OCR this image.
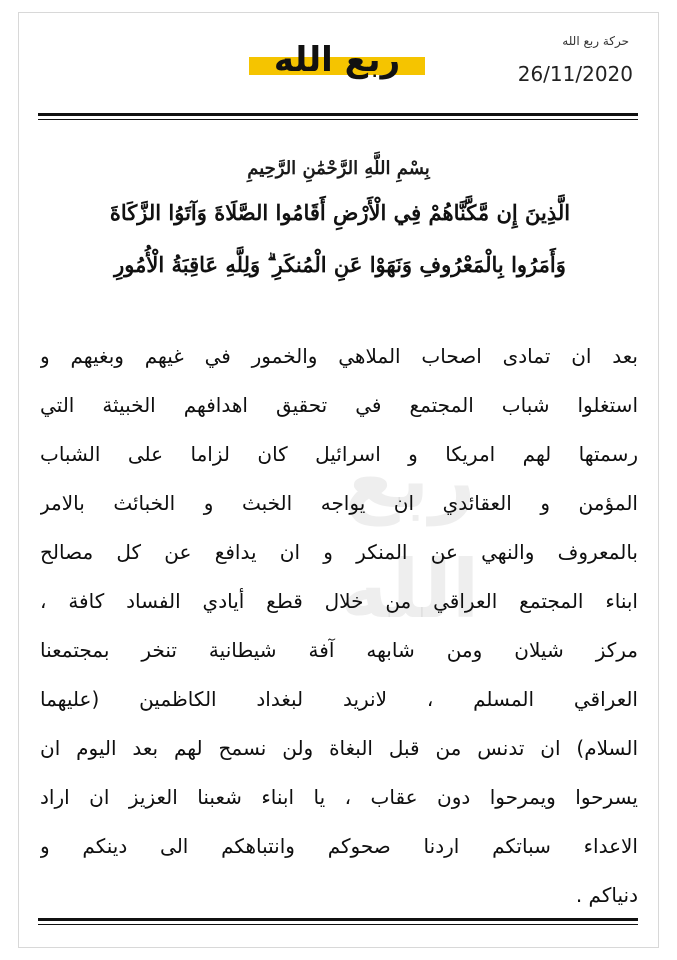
ربع الله	حركة ربع الله
26/11/2020
بِسْمِ اللَّهِ الرَّحْمَٰنِ الرَّحِيمِ
الَّذِينَ إِن مَّكَّنَّاهُمْ فِي الْأَرْضِ أَقَامُوا الصَّلَاةَ وَآتَوُا الزَّكَاةَ
وَأَمَرُوا بِالْمَعْرُوفِ وَنَهَوْا عَنِ الْمُنكَرِ ۗ وَلِلَّهِ عَاقِبَةُ الْأُمُورِ
ربع الله
بعد ان تمادى اصحاب الملاهي والخمور في غيهم وبغيهم و
استغلوا شباب المجتمع في تحقيق اهدافهم الخبيثة التي
رسمتها لهم امريكا و اسرائيل كان لزاما على الشباب
المؤمن و العقائدي ان يواجه الخبث و الخبائث بالامر
بالمعروف والنهي عن المنكر و ان يدافع عن كل مصالح
ابناء المجتمع العراقي من خلال قطع أيادي الفساد كافة ،
مركز شيلان ومن شابهه آفة شيطانية تنخر بمجتمعنا
العراقي المسلم ، لانريد لبغداد الكاظمين (عليهما
السلام) ان تدنس من قبل البغاة ولن نسمح لهم بعد اليوم ان
يسرحوا ويمرحوا دون عقاب ، يا ابناء شعبنا العزيز ان اراد
الاعداء سباتكم اردنا صحوكم وانتباهكم الى دينكم و
دنياكم .
